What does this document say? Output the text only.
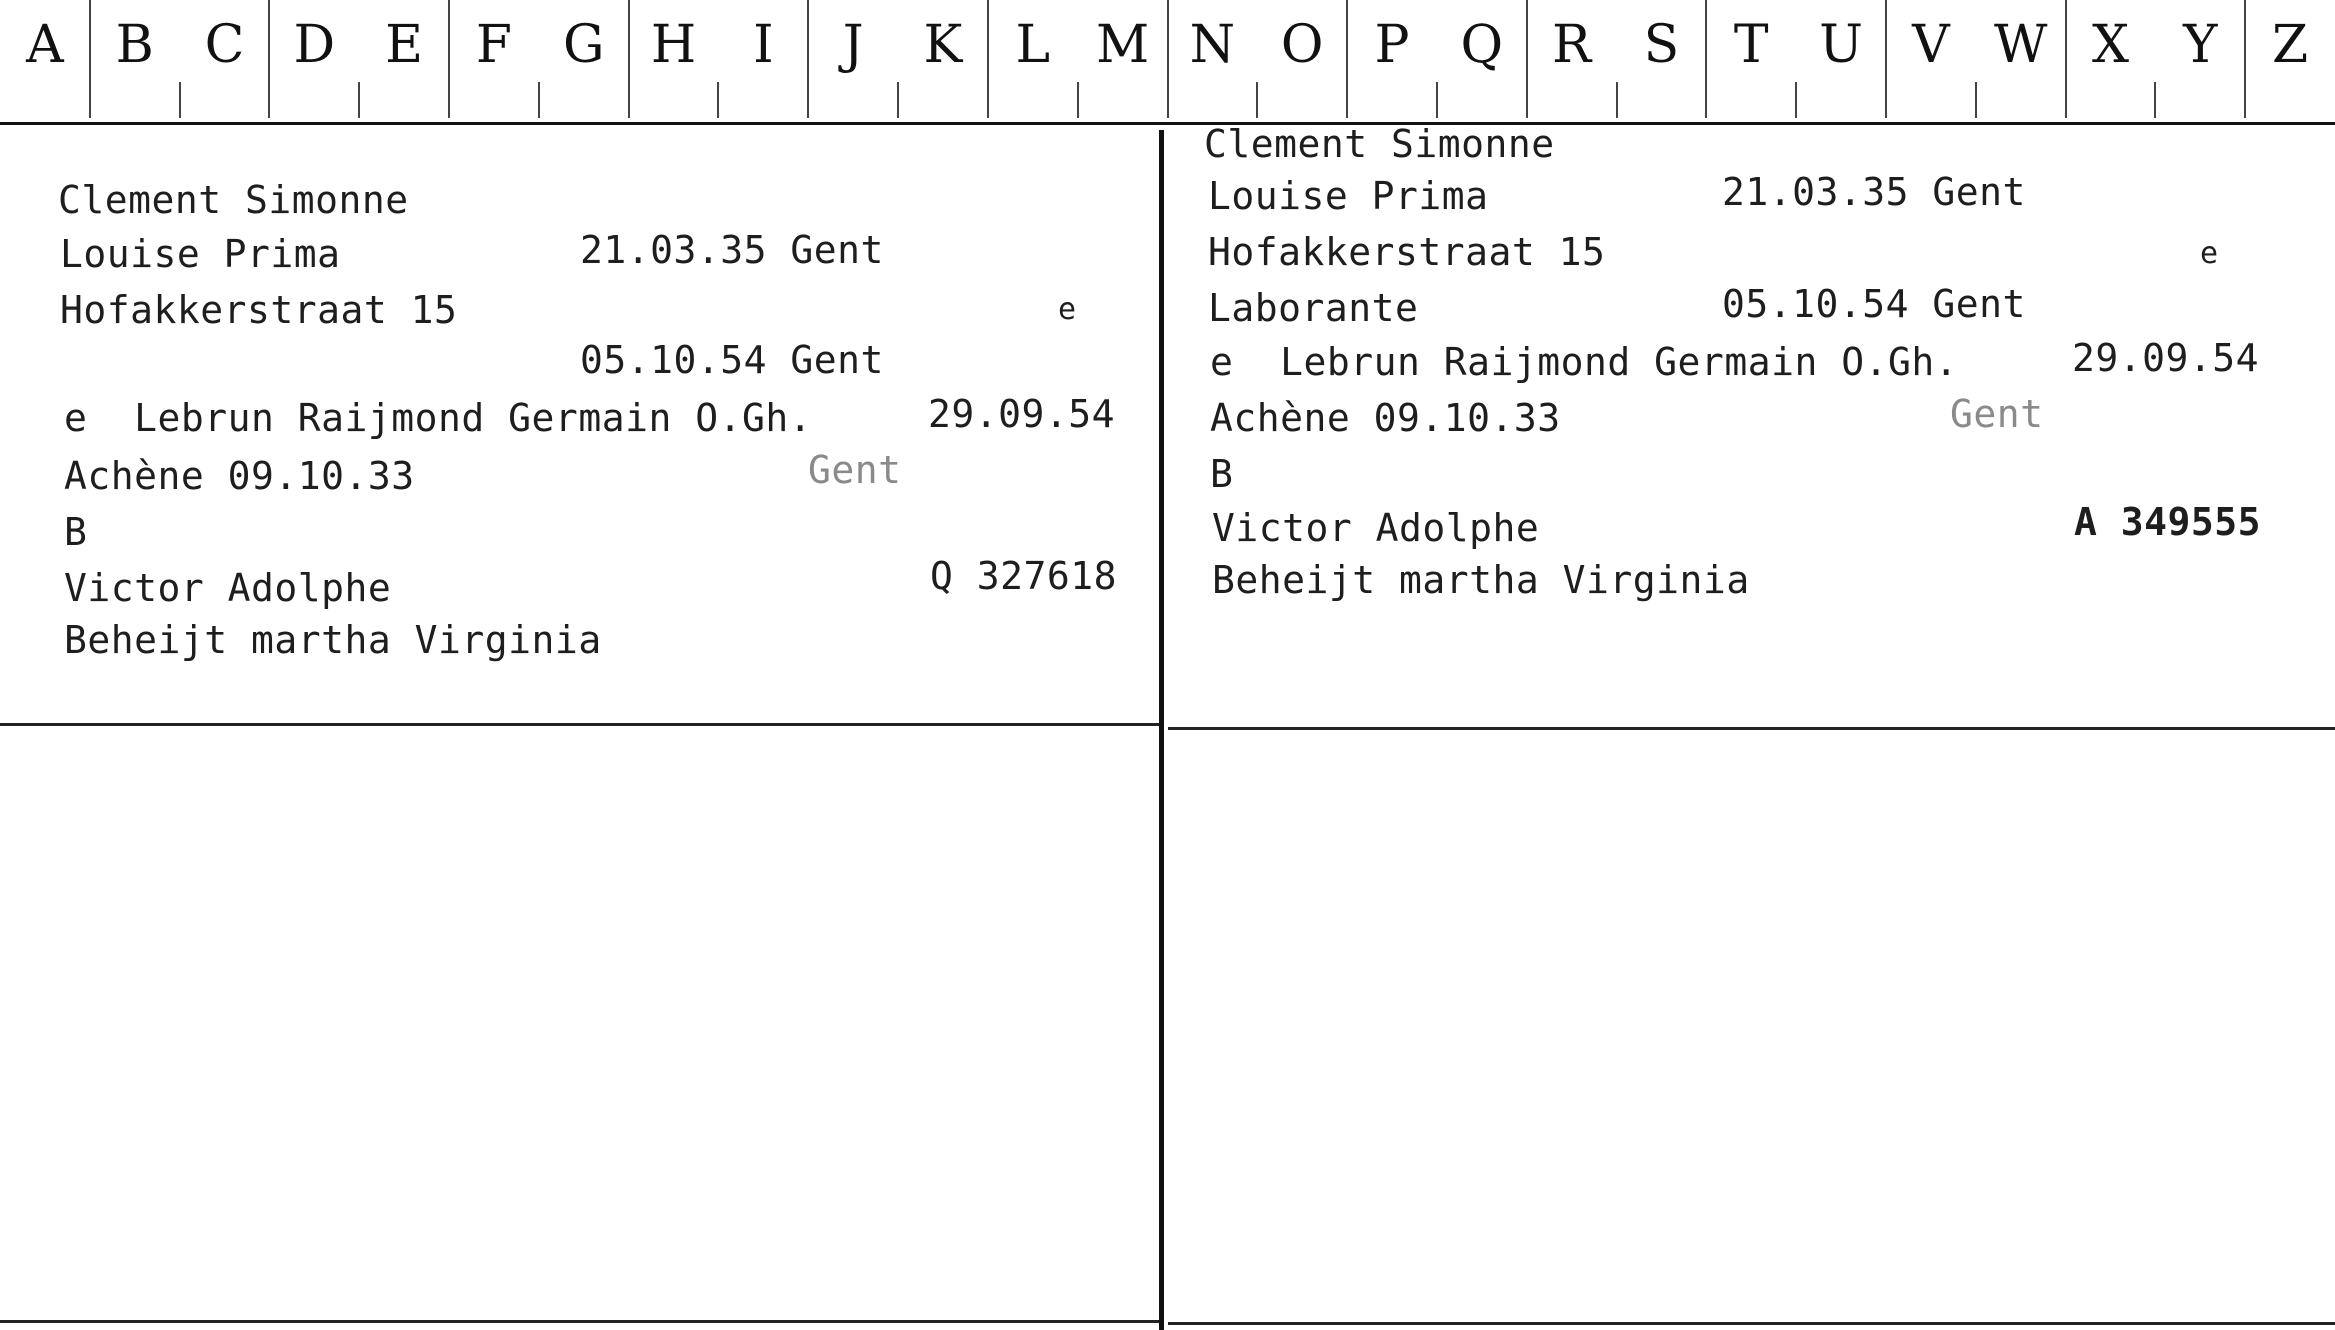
A B C D E F G H	I	J	K L M N O P Q R S T U V W X Y Z
Clement Simonne
Louise Prima	21.03.35 Gent
Hofakkerstraat 15	e
05.10.54 Gent
e  Lebrun Raijmond Germain O.Gh.	29.09.54
Achène 09.10.33	Gent
B
Victor Adolphe	Q 327618
Beheijt martha Virginia
Clement Simonne
Louise Prima	21.03.35 Gent
Hofakkerstraat 15	e
Laborante	05.10.54 Gent
e  Lebrun Raijmond Germain O.Gh.	29.09.54
Achène 09.10.33	Gent
B
Victor Adolphe	A 349555
Beheijt martha Virginia
